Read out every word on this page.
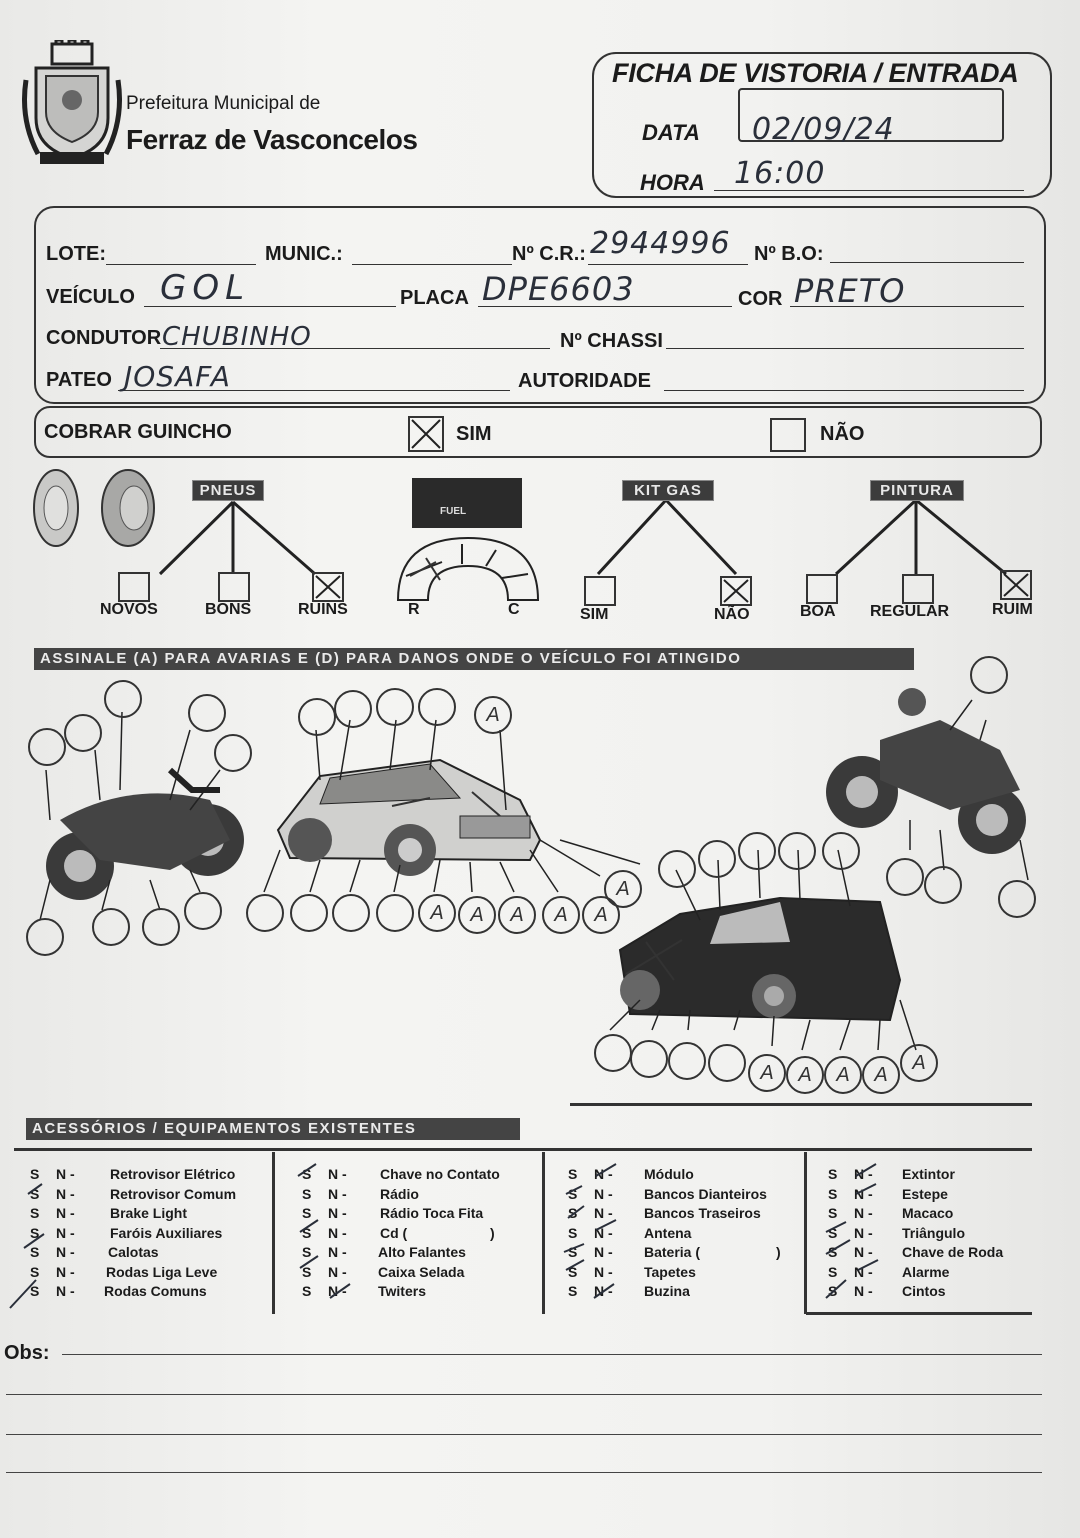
Prefeitura Municipal de
Ferraz de Vasconcelos
FICHA DE VISTORIA / ENTRADA
DATA 02/09/24
HORA 16:00
LOTE:	MUNIC.:	Nº C.R.: 2944996 Nº B.O:
VEÍCULO GOL	PLACA DPE6603	COR PRETO
CONDUTOR CHUBINHO	Nº CHASSI
PATEO JOSAFA	AUTORIDADE
COBRAR GUINCHO	SIM	NÃO
FUEL
PNEUS	KIT GAS	PINTURA
NOVOS	BONS	RUINS	R	C	SIM	NÃO	BOA REGULAR	RUIM
ASSINALE (A) PARA AVARIAS E (D) PARA DANOS ONDE O VEÍCULO FOI ATINGIDO
A
A	A	A	A	A
A
A	A	A	A
A
ACESSÓRIOS / EQUIPAMENTOS EXISTENTES
S	N -	Retrovisor Elétrico
S	N -	Retrovisor Comum
S	N -	Brake Light
S	N -	Faróis Auxiliares
S	N -	Calotas
S	N -	Rodas Liga Leve
S	N -	Rodas Comuns
S	N -	Chave no Contato
S	N -	Rádio
S	N -	Rádio Toca Fita
S	N -	Cd (	)
S	N -	Alto Falantes
S	N -	Caixa Selada
S	N -	Twiters
S	N -	Módulo
S	N -	Bancos Dianteiros
S	N -	Bancos Traseiros
S	N -	Antena
S	N -	Bateria (	)
S	N -	Tapetes
S	N -	Buzina
S	N -	Extintor
S	N -	Estepe
S	N -	Macaco
S	N -	Triângulo
S	N -	Chave de Roda
S	N -	Alarme
S	N -	Cintos
Obs:
